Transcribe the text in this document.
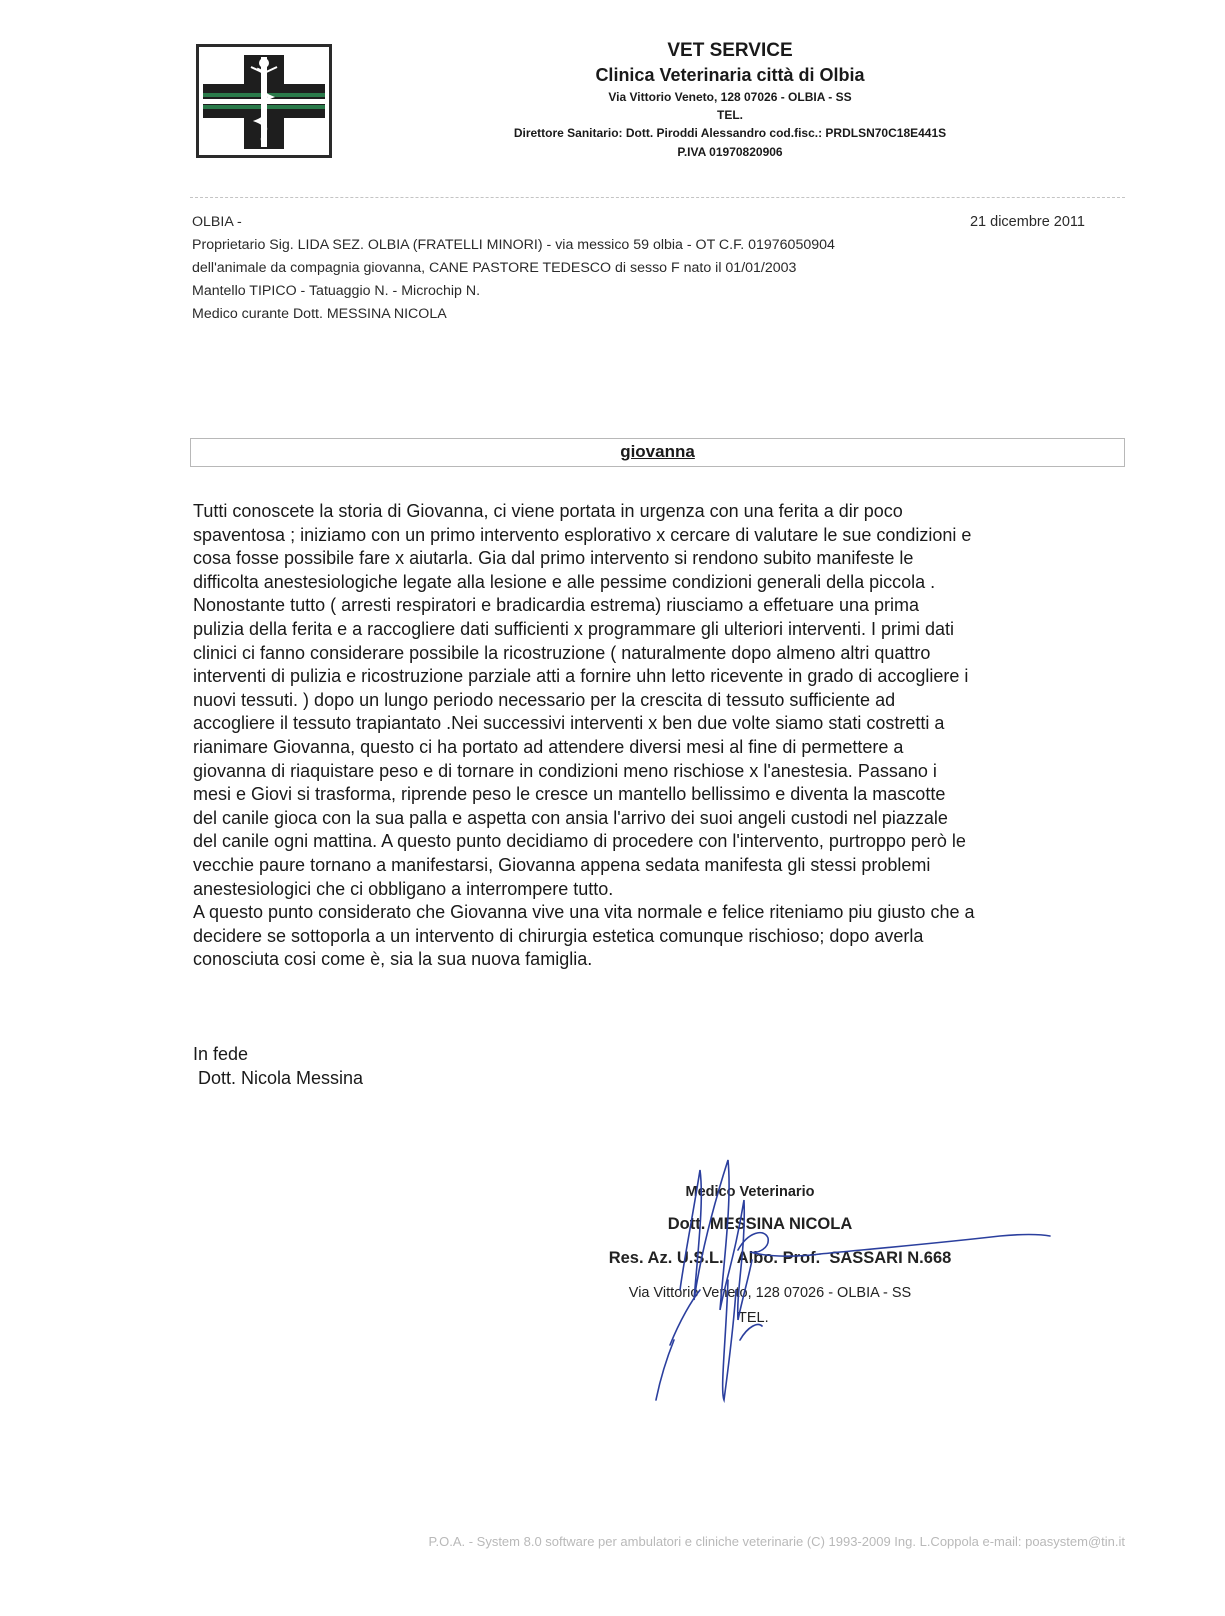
VET SERVICE
Clinica Veterinaria città di Olbia
Via Vittorio Veneto, 128 07026 - OLBIA - SS
TEL.
Direttore Sanitario: Dott. Piroddi Alessandro cod.fisc.: PRDLSN70C18E441S
P.IVA 01970820906
OLBIA -	21 dicembre 2011
Proprietario Sig. LIDA SEZ. OLBIA (FRATELLI MINORI) - via messico 59 olbia - OT C.F. 01976050904
dell'animale da compagnia giovanna, CANE PASTORE TEDESCO di sesso F nato il 01/01/2003
Mantello TIPICO - Tatuaggio N. - Microchip N.
Medico curante Dott. MESSINA NICOLA
giovanna
Tutti conoscete la storia di Giovanna, ci viene portata in urgenza con una ferita a dir poco
spaventosa ; iniziamo con un primo intervento esplorativo x cercare di valutare le sue condizioni e
cosa fosse possibile fare x aiutarla. Gia dal primo intervento si rendono subito manifeste le
difficolta anestesiologiche legate alla lesione e alle pessime condizioni generali della piccola .
Nonostante tutto ( arresti respiratori e bradicardia estrema) riusciamo a effetuare una prima
pulizia della ferita e a raccogliere dati sufficienti x programmare gli ulteriori interventi. I primi dati
clinici ci fanno considerare possibile la ricostruzione ( naturalmente dopo almeno altri quattro
interventi di pulizia e ricostruzione parziale atti a fornire uhn letto ricevente in grado di accogliere i
nuovi tessuti. ) dopo un lungo periodo necessario per la crescita di tessuto sufficiente ad
accogliere il tessuto trapiantato .Nei successivi interventi x ben due volte siamo stati costretti a
rianimare Giovanna, questo ci ha portato ad attendere diversi mesi al fine di permettere a
giovanna di riaquistare peso e di tornare in condizioni meno rischiose x l'anestesia. Passano i
mesi e Giovi si trasforma, riprende peso le cresce un mantello bellissimo e diventa la mascotte
del canile gioca con la sua palla e aspetta con ansia l'arrivo dei suoi angeli custodi nel piazzale
del canile ogni mattina. A questo punto decidiamo di procedere con l'intervento, purtroppo però le
vecchie paure tornano a manifestarsi, Giovanna appena sedata manifesta gli stessi problemi
anestesiologici che ci obbligano a interrompere tutto.
A questo punto considerato che Giovanna vive una vita normale e felice riteniamo piu giusto che a
decidere se sottoporla a un intervento di chirurgia estetica comunque rischioso; dopo averla
conosciuta cosi come è, sia la sua nuova famiglia.
In fede
Dott. Nicola Messina
Medico Veterinario
Dott. MESSINA NICOLA
Res. Az. U.S.L.   Albo. Prof.  SASSARI N.668
Via Vittorio Veneto, 128 07026 - OLBIA - SS
TEL.
P.O.A. - System 8.0 software per ambulatori e cliniche veterinarie (C) 1993-2009 Ing. L.Coppola e-mail: poasystem@tin.it
